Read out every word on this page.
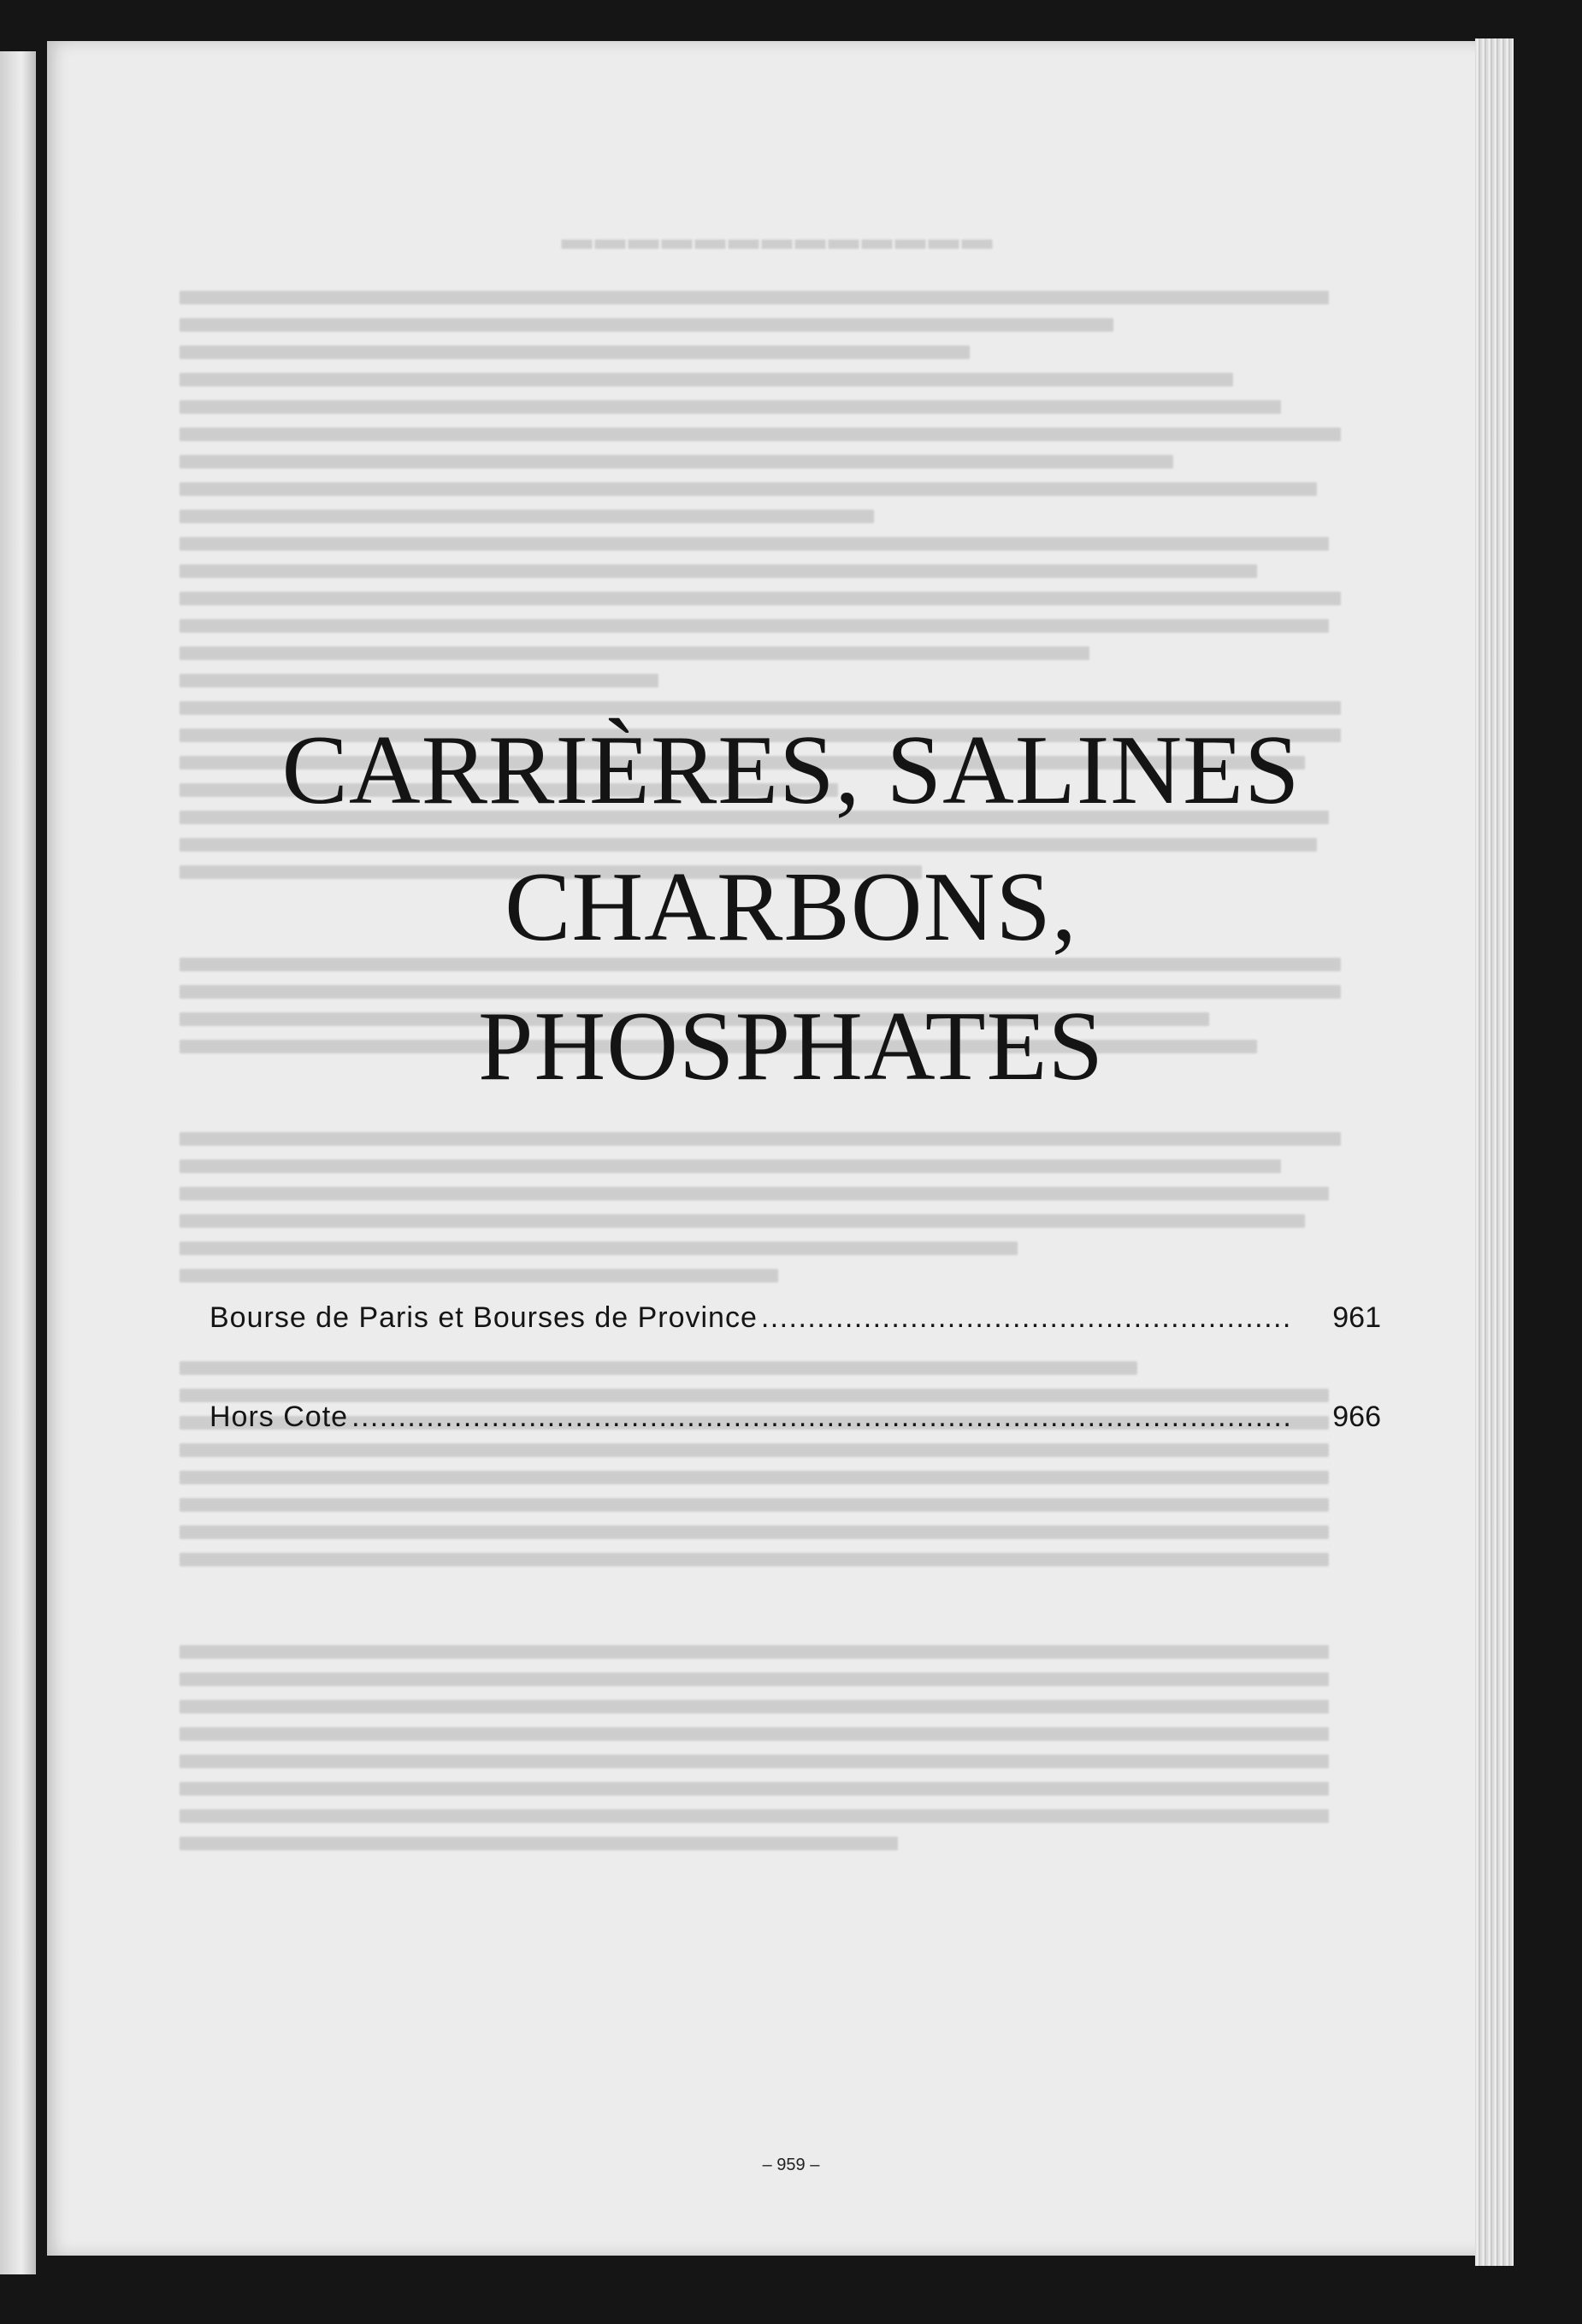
▬▬▬▬▬▬▬▬▬▬▬▬▬
CARRIÈRES, SALINES
CHARBONS,
PHOSPHATES
Bourse de Paris et Bourses de Province . . .	961
Hors Cote . . .	966
– 959 –
